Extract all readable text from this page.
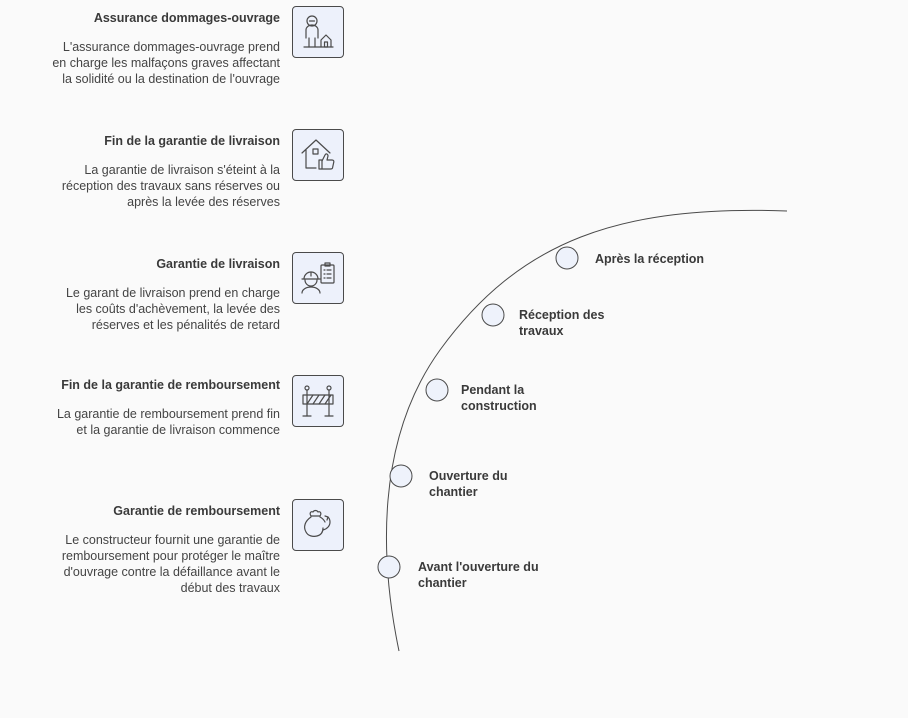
Assurance dommages-ouvrage

L'assurance dommages-ouvrage prend en charge les malfaçons graves affectant la solidité ou la destination de l'ouvrage

Fin de la garantie de livraison

La garantie de livraison s'éteint à la réception des travaux sans réserves ou après la levée des réserves

Garantie de livraison

Le garant de livraison prend en charge les coûts d'achèvement, la levée des réserves et les pénalités de retard

Fin de la garantie de remboursement

La garantie de remboursement prend fin et la garantie de livraison commence

Garantie de remboursement

Le constructeur fournit une garantie de remboursement pour protéger le maître d'ouvrage contre la défaillance avant le début des travaux

Après la réception
Réception des travaux
Pendant la construction
Ouverture du chantier
Avant l'ouverture du chantier
